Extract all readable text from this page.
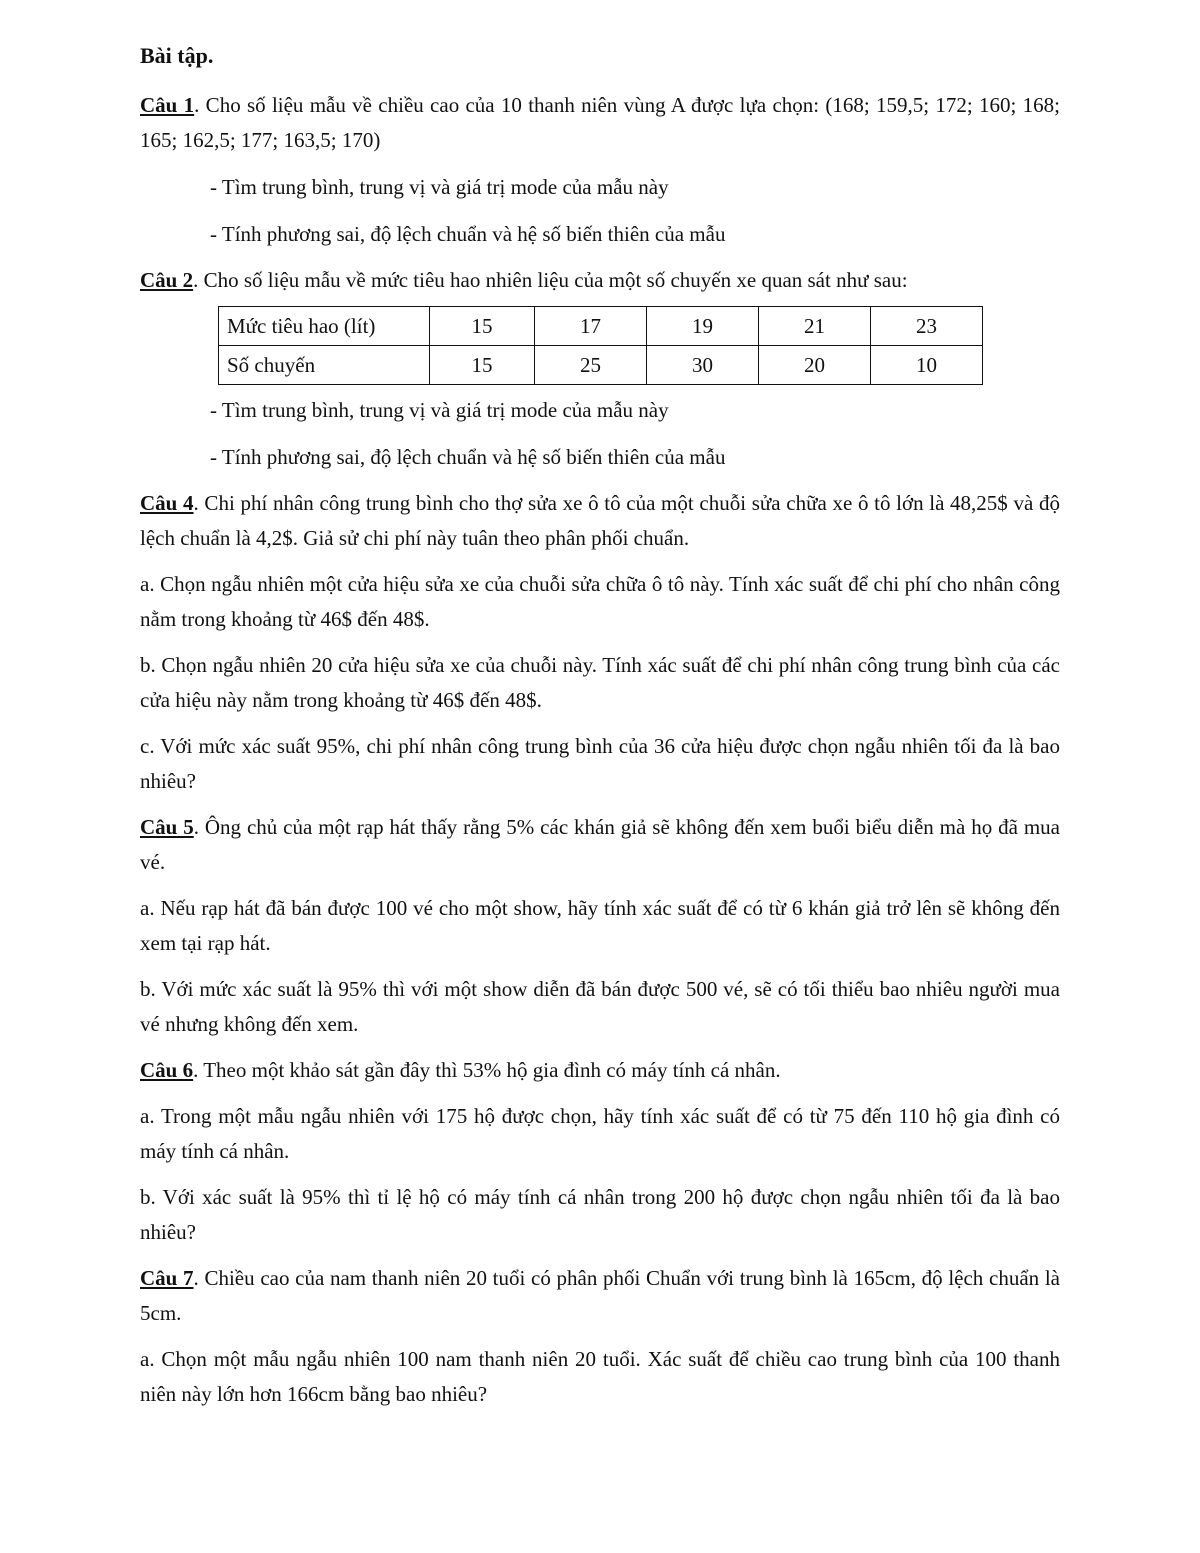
Bài tập.

Câu 1. Cho số liệu mẫu về chiều cao của 10 thanh niên vùng A được lựa chọn: (168; 159,5; 172; 160; 168; 165; 162,5; 177; 163,5; 170)

- Tìm trung bình, trung vị và giá trị mode của mẫu này
- Tính phương sai, độ lệch chuẩn và hệ số biến thiên của mẫu

Câu 2. Cho số liệu mẫu về mức tiêu hao nhiên liệu của một số chuyến xe quan sát như sau:

Mức tiêu hao (lít)	15	17	19	21	23
Số chuyến	15	25	30	20	10
- Tìm trung bình, trung vị và giá trị mode của mẫu này
- Tính phương sai, độ lệch chuẩn và hệ số biến thiên của mẫu

Câu 4. Chi phí nhân công trung bình cho thợ sửa xe ô tô của một chuỗi sửa chữa xe ô tô lớn là 48,25$ và độ lệch chuẩn là 4,2$. Giả sử chi phí này tuân theo phân phối chuẩn.

a. Chọn ngẫu nhiên một cửa hiệu sửa xe của chuỗi sửa chữa ô tô này. Tính xác suất để chi phí cho nhân công nằm trong khoảng từ 46$ đến 48$.

b. Chọn ngẫu nhiên 20 cửa hiệu sửa xe của chuỗi này. Tính xác suất để chi phí nhân công trung bình của các cửa hiệu này nằm trong khoảng từ 46$ đến 48$.

c. Với mức xác suất 95%, chi phí nhân công trung bình của 36 cửa hiệu được chọn ngẫu nhiên tối đa là bao nhiêu?

Câu 5. Ông chủ của một rạp hát thấy rằng 5% các khán giả sẽ không đến xem buổi biểu diễn mà họ đã mua vé.

a. Nếu rạp hát đã bán được 100 vé cho một show, hãy tính xác suất để có từ 6 khán giả trở lên sẽ không đến xem tại rạp hát.

b. Với mức xác suất là 95% thì với một show diễn đã bán được 500 vé, sẽ có tối thiểu bao nhiêu người mua vé nhưng không đến xem.

Câu 6. Theo một khảo sát gần đây thì 53% hộ gia đình có máy tính cá nhân.

a. Trong một mẫu ngẫu nhiên với 175 hộ được chọn, hãy tính xác suất để có từ 75 đến 110 hộ gia đình có máy tính cá nhân.

b. Với xác suất là 95% thì tỉ lệ hộ có máy tính cá nhân trong 200 hộ được chọn ngẫu nhiên tối đa là bao nhiêu?

Câu 7. Chiều cao của nam thanh niên 20 tuổi có phân phối Chuẩn với trung bình là 165cm, độ lệch chuẩn là 5cm.

a. Chọn một mẫu ngẫu nhiên 100 nam thanh niên 20 tuổi. Xác suất để chiều cao trung bình của 100 thanh niên này lớn hơn 166cm bằng bao nhiêu?
